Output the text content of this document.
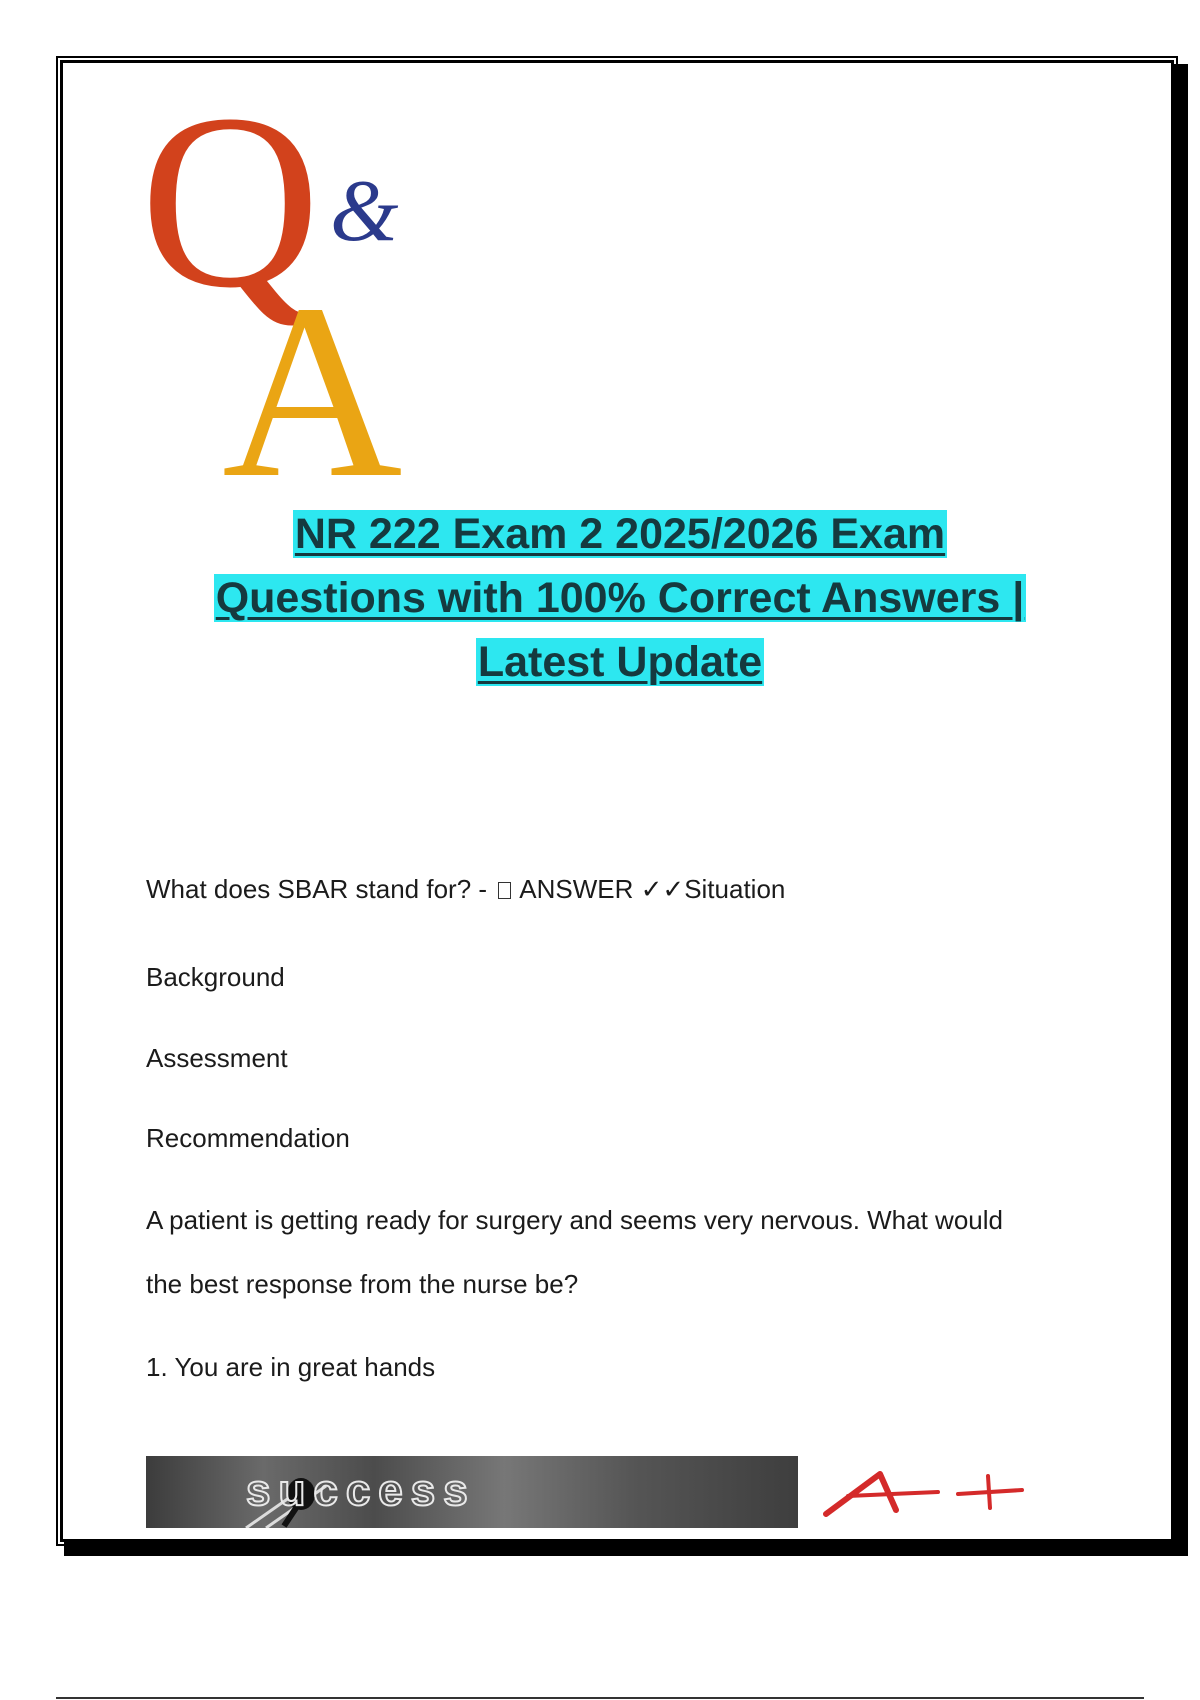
Q &
A
NR 222 Exam 2 2025/2026 Exam
Questions with 100% Correct Answers |
Latest Update
What does SBAR stand for? - ANSWER ✓✓Situation
Background
Assessment
Recommendation
A patient is getting ready for surgery and seems very nervous. What would
the best response from the nurse be?
1. You are in great hands
success
